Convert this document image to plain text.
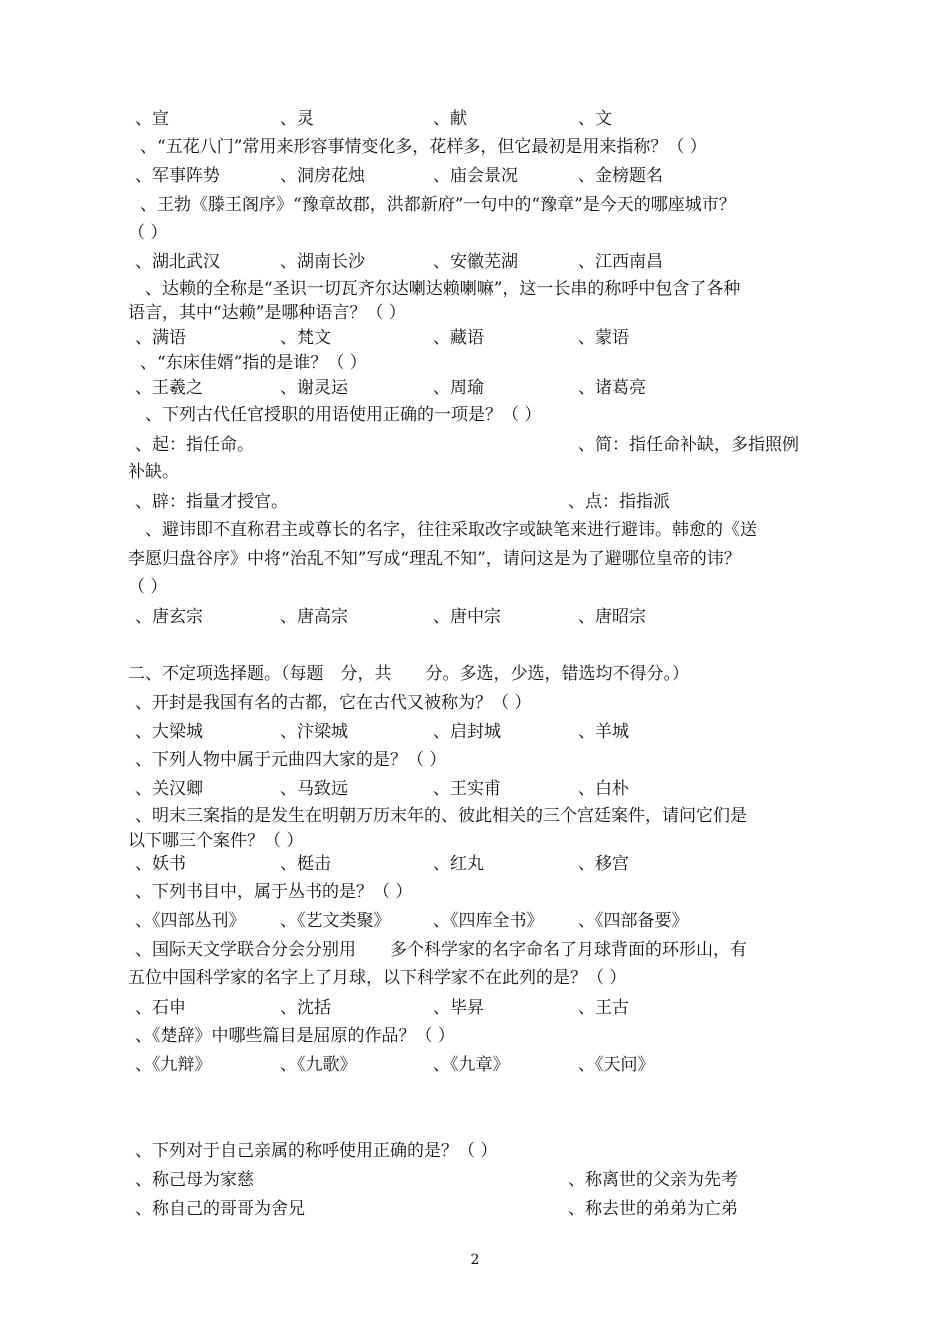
、宣	、灵	、献	、文
、“五花八门”常用来形容事情变化多，花样多，但它最初是用来指称？（ ）
、军事阵势	、洞房花烛	、庙会景况	、金榜题名
、王勃《滕王阁序》“豫章故郡，洪都新府”一句中的“豫章”是今天的哪座城市？
（ ）
、湖北武汉	、湖南长沙	、安徽芜湖	、江西南昌
、达赖的全称是“圣识一切瓦齐尔达喇达赖喇嘛”，这一长串的称呼中包含了各种
语言，其中“达赖”是哪种语言？（ ）
、满语	、梵文	、藏语	、蒙语
、“东床佳婿”指的是谁？（ ）
、王羲之	、谢灵运	、周瑜	、诸葛亮
、下列古代任官授职的用语使用正确的一项是？（ ）
、起：指任命。	、简：指任命补缺，多指照例
补缺。
、辟：指量才授官。	、点：指指派
、避讳即不直称君主或尊长的名字，往往采取改字或缺笔来进行避讳。韩愈的《送
李愿归盘谷序》中将“治乱不知”写成“理乱不知”，请问这是为了避哪位皇帝的讳？
（ ）
、唐玄宗	、唐高宗	、唐中宗	、唐昭宗
二、不定项选择题。（每题　分，共　　分。多选，少选，错选均不得分。）
、开封是我国有名的古都，它在古代又被称为？（ ）
、大梁城	、汴梁城	、启封城	、羊城
、下列人物中属于元曲四大家的是？（ ）
、关汉卿	、马致远	、王实甫	、白朴
、明末三案指的是发生在明朝万历末年的、彼此相关的三个宫廷案件，请问它们是
以下哪三个案件？（ ）
、妖书	、梃击	、红丸	、移宫
、下列书目中，属于丛书的是？（ ）
、《四部丛刊》 、《艺文类聚》	、《四库全书》 、《四部备要》
、国际天文学联合分会分别用　　多个科学家的名字命名了月球背面的环形山，有
五位中国科学家的名字上了月球，以下科学家不在此列的是？（ ）
、石申	、沈括	、毕昇	、王古
、《楚辞》中哪些篇目是屈原的作品？（ ）
、《九辩》	、《九歌》	、《九章》	、《天问》
、下列对于自己亲属的称呼使用正确的是？（ ）
、称己母为家慈	、称离世的父亲为先考
、称自己的哥哥为舍兄	、称去世的弟弟为亡弟
2
